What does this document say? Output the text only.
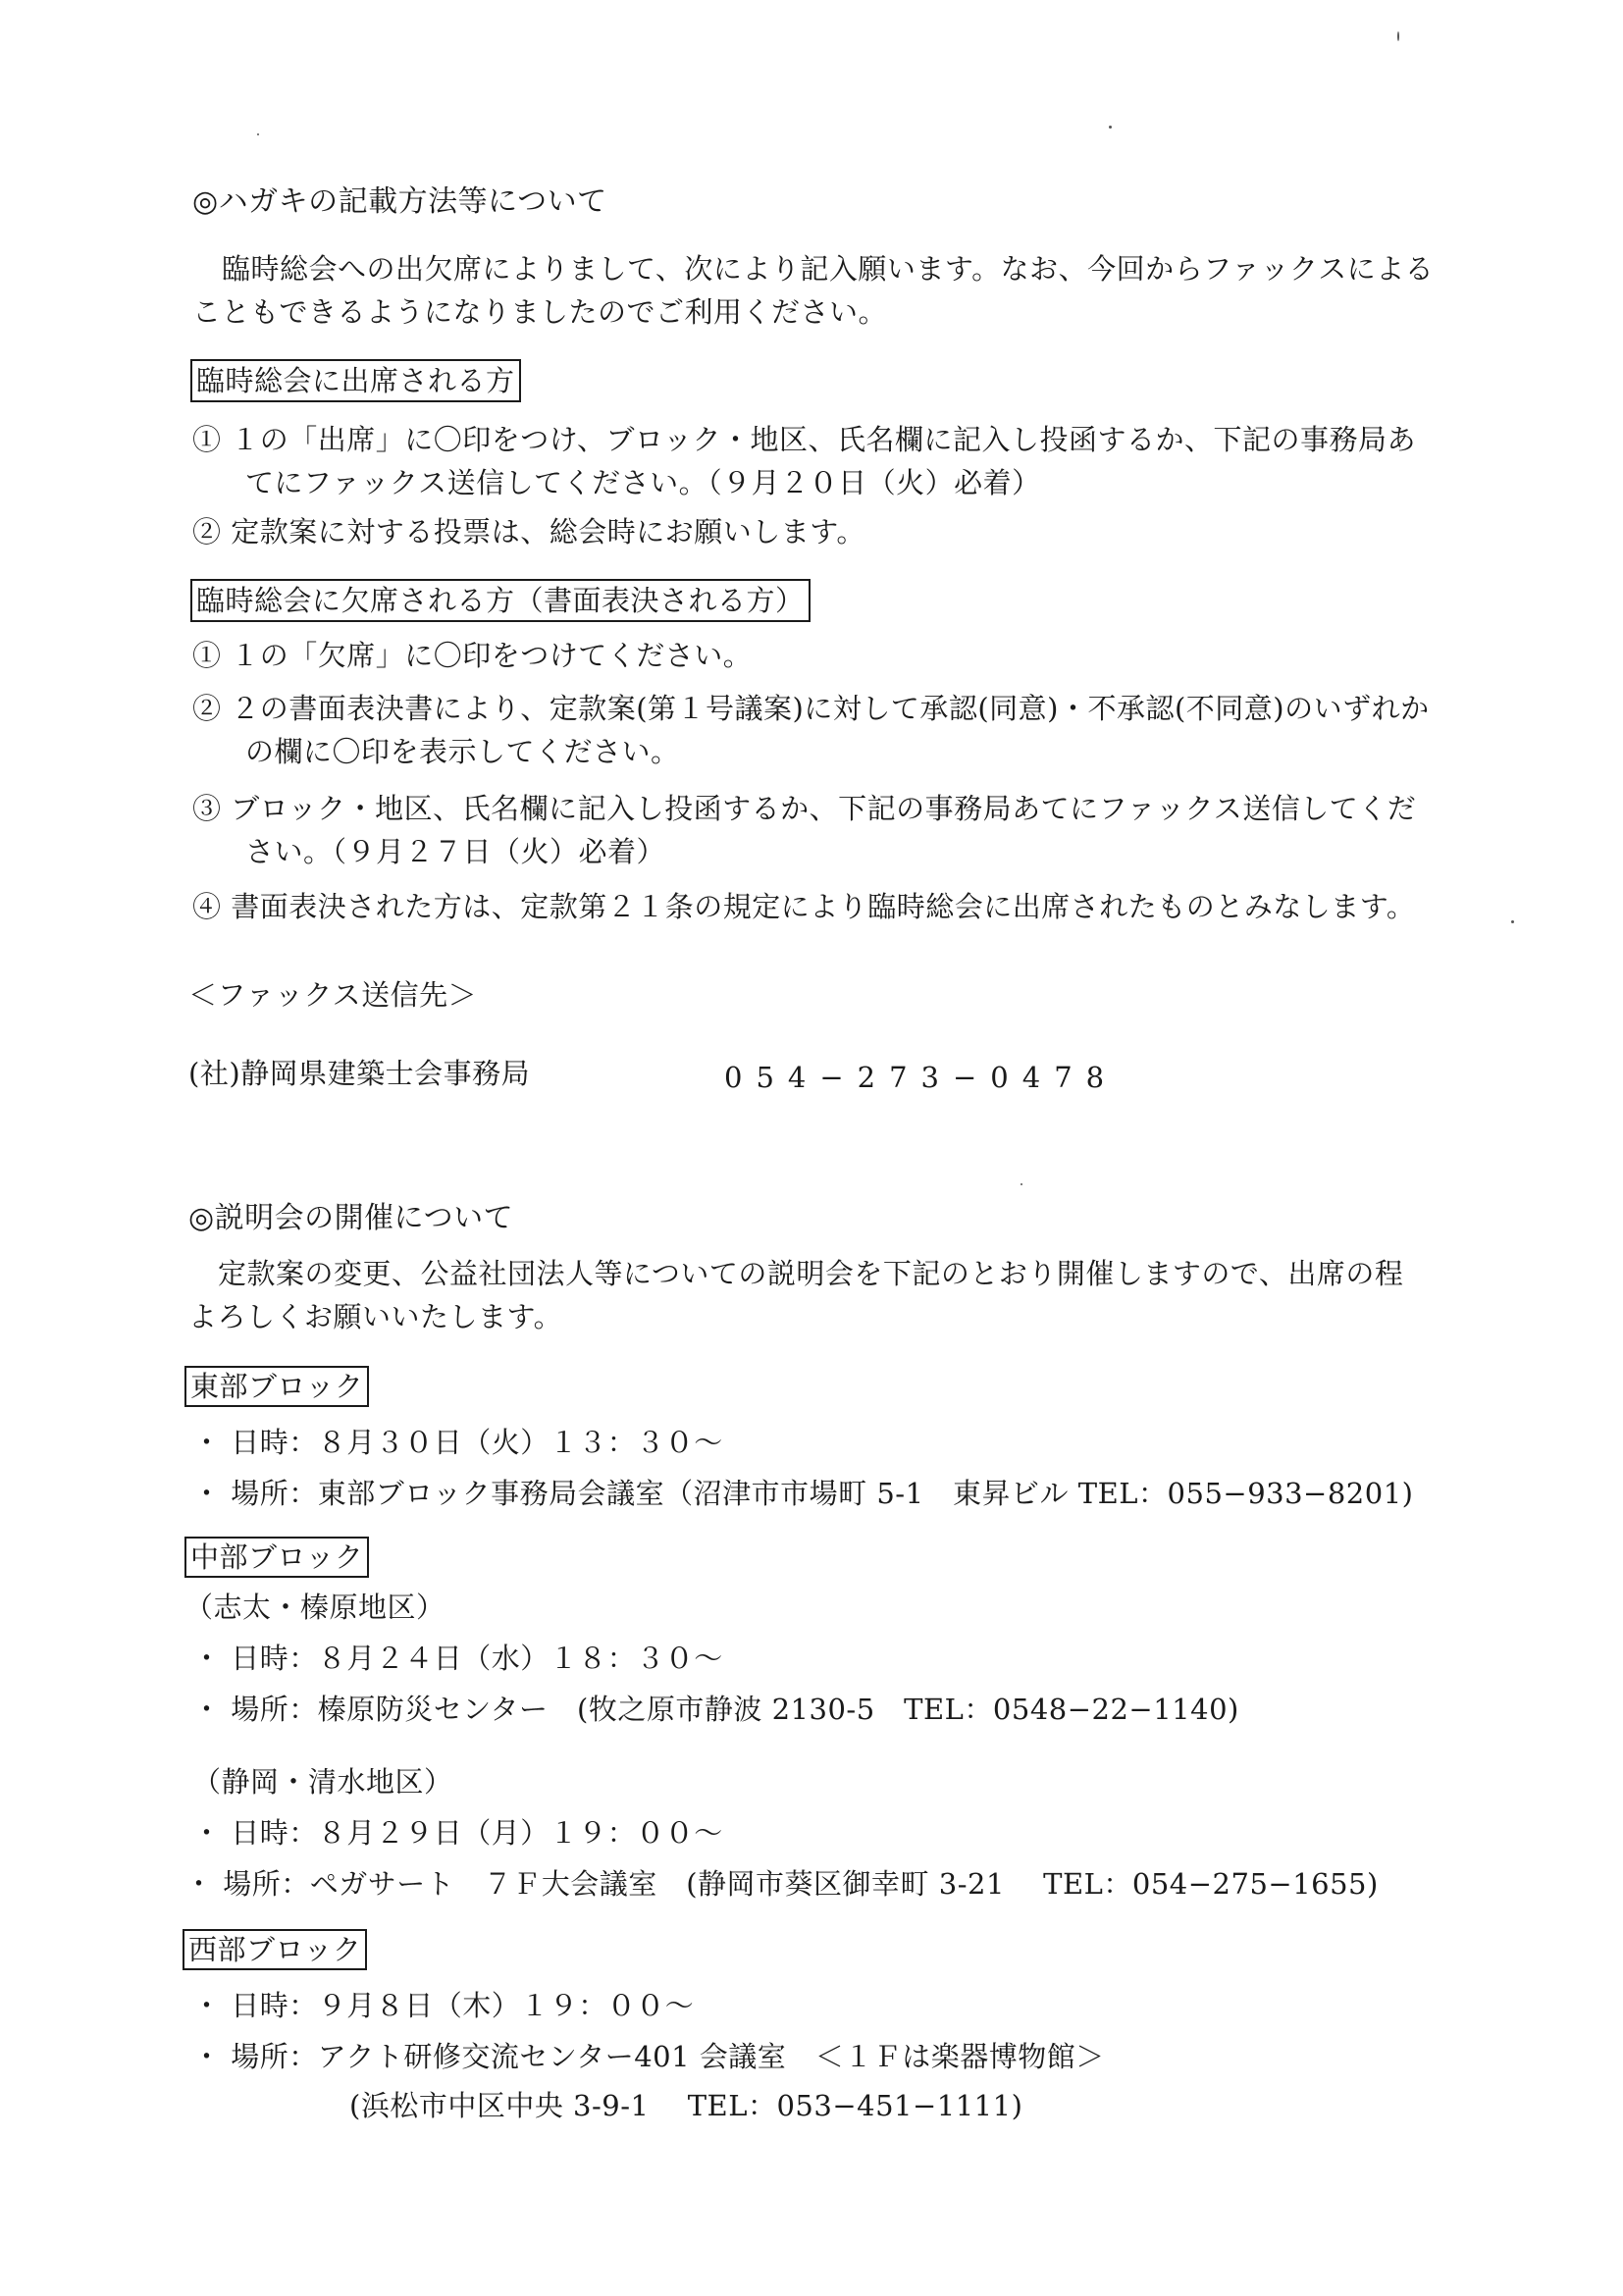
◎ハガキの記載方法等について
臨時総会への出欠席によりまして、次により記入願います。なお、今回からファックスによる
こともできるようになりましたのでご利用ください。
臨時総会に出席される方
① １の「出席」に〇印をつけ、ブロック・地区、氏名欄に記入し投函するか、下記の事務局あ
てにファックス送信してください。（９月２０日（火）必着）
② 定款案に対する投票は、総会時にお願いします。
臨時総会に欠席される方（書面表決される方）
① １の「欠席」に〇印をつけてください。
② ２の書面表決書により、定款案(第１号議案)に対して承認(同意)・不承認(不同意)のいずれか
の欄に〇印を表示してください。
③ ブロック・地区、氏名欄に記入し投函するか、下記の事務局あてにファックス送信してくだ
さい。（９月２７日（火）必着）
④ 書面表決された方は、定款第２１条の規定により臨時総会に出席されたものとみなします。
＜ファックス送信先＞
(社)静岡県建築士会事務局	054−273−0478
◎説明会の開催について
定款案の変更、公益社団法人等についての説明会を下記のとおり開催しますので、出席の程
よろしくお願いいたします。
東部ブロック
・ 日時：８月３０日（火）１３：３０～
・ 場所：東部ブロック事務局会議室（沼津市市場町 5-1　東昇ビル TEL：055−933−8201)
中部ブロック
（志太・榛原地区）
・ 日時：８月２４日（水）１８：３０～
・ 場所：榛原防災センター　(牧之原市静波 2130-5　TEL：0548−22−1140)
（静岡・清水地区）
・ 日時：８月２９日（月）１９：００～
・ 場所：ペガサート　７Ｆ大会議室　(静岡市葵区御幸町 3-21　 TEL：054−275−1655)
西部ブロック
・ 日時：９月８日（木）１９：００～
・ 場所：アクト研修交流センター401 会議室　＜１Ｆは楽器博物館＞
(浜松市中区中央 3-9-1　 TEL：053−451−1111)
